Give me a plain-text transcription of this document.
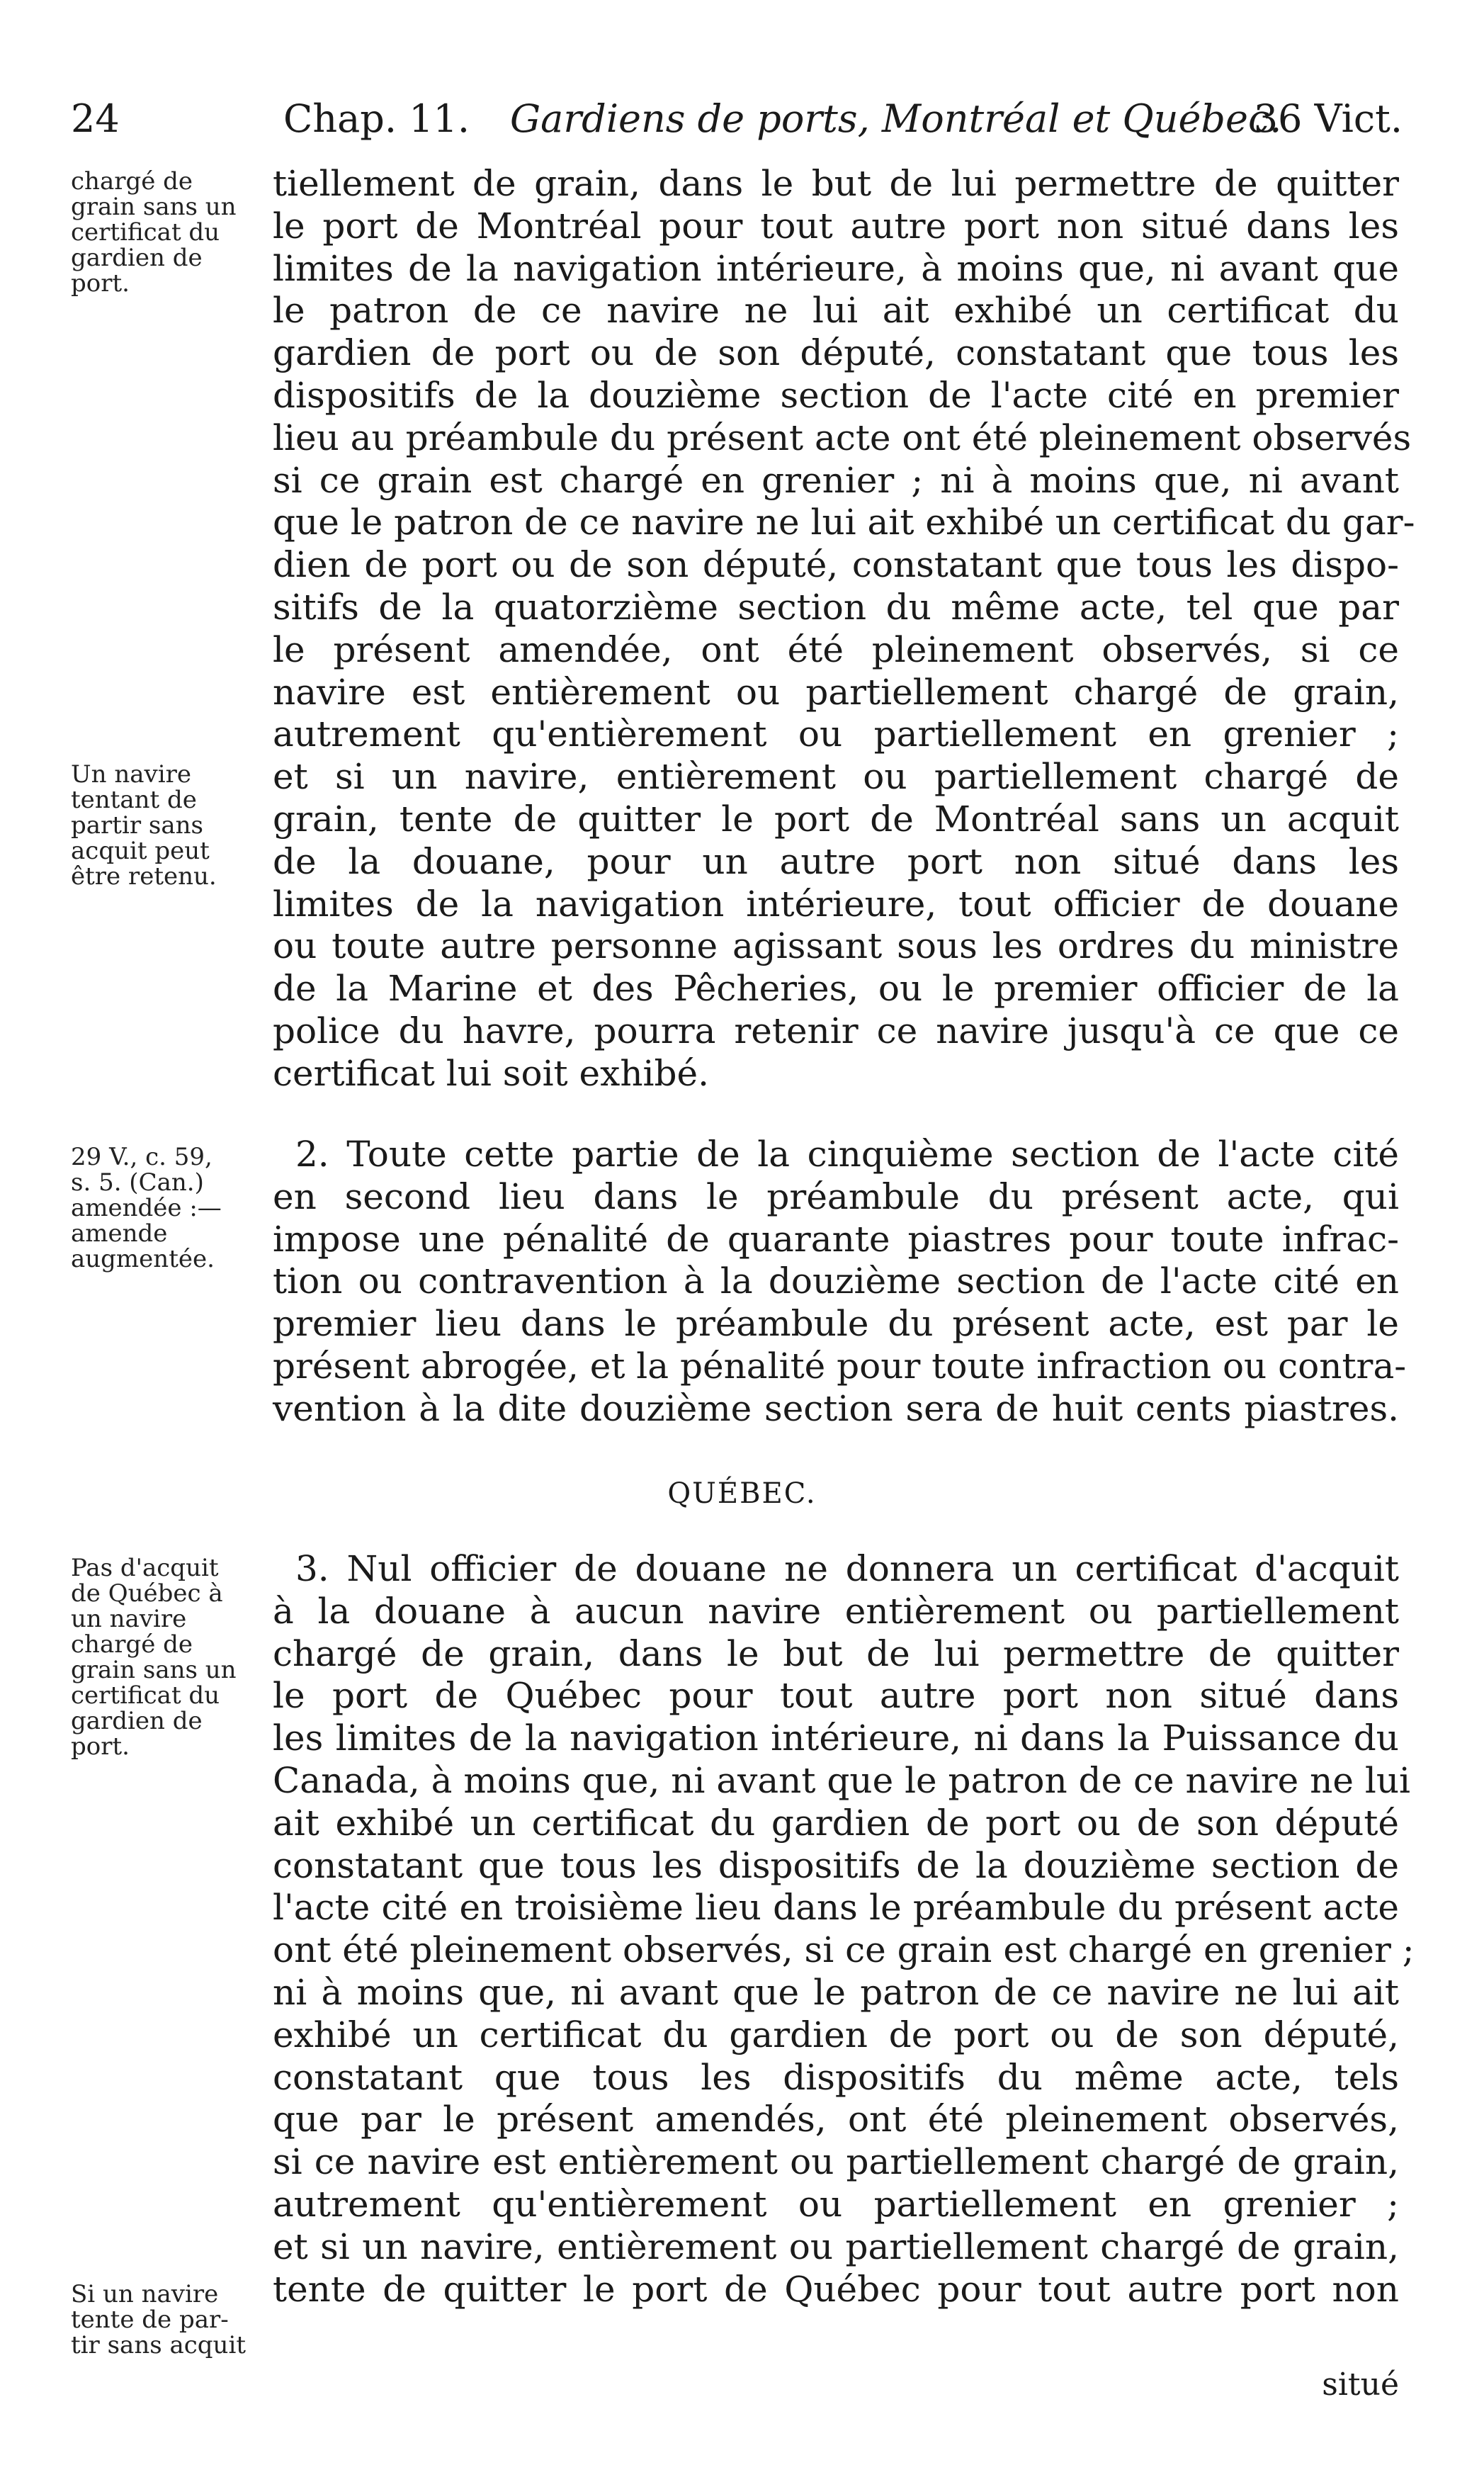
24	Chap. 11. Gardiens de ports, Montréal et Québec.
36 Vict.
chargé de
grain sans un
certificat du
gardien de
port.
Un navire
tentant de
partir sans
acquit peut
être retenu.
tiellement de grain, dans le but de lui permettre de quitter
le port de Montréal pour tout autre port non situé dans les
limites de la navigation intérieure, à moins que, ni avant que
le patron de ce navire ne lui ait exhibé un certificat du
gardien de port ou de son député, constatant que tous les
dispositifs de la douzième section de l'acte cité en premier
lieu au préambule du présent acte ont été pleinement observés
si ce grain est chargé en grenier ; ni à moins que, ni avant
que le patron de ce navire ne lui ait exhibé un certificat du gar-
dien de port ou de son député, constatant que tous les dispo-
sitifs de la quatorzième section du même acte, tel que par
le présent amendée, ont été pleinement observés, si ce
navire est entièrement ou partiellement chargé de grain,
autrement qu'entièrement ou partiellement en grenier ;
et si un navire, entièrement ou partiellement chargé de
grain, tente de quitter le port de Montréal sans un acquit
de la douane, pour un autre port non situé dans les
limites de la navigation intérieure, tout officier de douane
ou toute autre personne agissant sous les ordres du ministre
de la Marine et des Pêcheries, ou le premier officier de la
police du havre, pourra retenir ce navire jusqu'à ce que ce
certificat lui soit exhibé.
29 V., c. 59,
s. 5. (Can.)
amendée :—
amende
augmentée.
2. Toute cette partie de la cinquième section de l'acte cité
en second lieu dans le préambule du présent acte, qui
impose une pénalité de quarante piastres pour toute infrac-
tion ou contravention à la douzième section de l'acte cité en
premier lieu dans le préambule du présent acte, est par le
présent abrogée, et la pénalité pour toute infraction ou contra-
vention à la dite douzième section sera de huit cents piastres.
QUÉBEC.
Pas d'acquit
de Québec à
un navire
chargé de
grain sans un
certificat du
gardien de
port.
Si un navire
tente de par-
tir sans acquit
3. Nul officier de douane ne donnera un certificat d'acquit
à la douane à aucun navire entièrement ou partiellement
chargé de grain, dans le but de lui permettre de quitter
le port de Québec pour tout autre port non situé dans
les limites de la navigation intérieure, ni dans la Puissance du
Canada, à moins que, ni avant que le patron de ce navire ne lui
ait exhibé un certificat du gardien de port ou de son député
constatant que tous les dispositifs de la douzième section de
l'acte cité en troisième lieu dans le préambule du présent acte
ont été pleinement observés, si ce grain est chargé en grenier ;
ni à moins que, ni avant que le patron de ce navire ne lui ait
exhibé un certificat du gardien de port ou de son député,
constatant que tous les dispositifs du même acte, tels
que par le présent amendés, ont été pleinement observés,
si ce navire est entièrement ou partiellement chargé de grain,
autrement qu'entièrement ou partiellement en grenier ;
et si un navire, entièrement ou partiellement chargé de grain,
tente de quitter le port de Québec pour tout autre port non
situé
